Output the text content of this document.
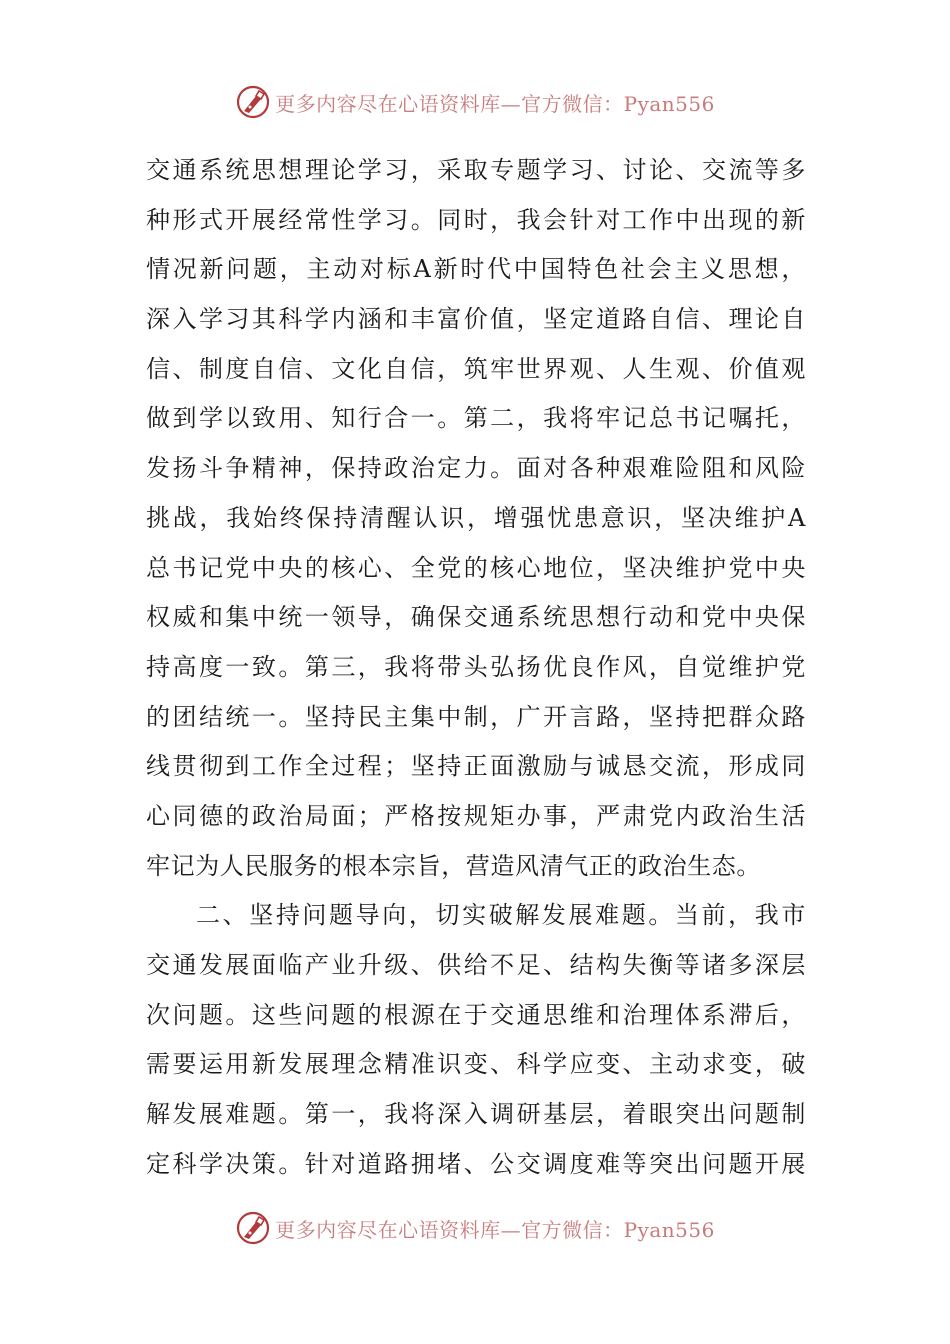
更多内容尽在心语资料库—官方微信：Pyan556
交通系统思想理论学习，采取专题学习、讨论、交流等多
种形式开展经常性学习。同时，我会针对工作中出现的新
情况新问题，主动对标A新时代中国特色社会主义思想，
深入学习其科学内涵和丰富价值，坚定道路自信、理论自
信、制度自信、文化自信，筑牢世界观、人生观、价值观
做到学以致用、知行合一。第二，我将牢记总书记嘱托，
发扬斗争精神，保持政治定力。面对各种艰难险阻和风险
挑战，我始终保持清醒认识，增强忧患意识，坚决维护A
总书记党中央的核心、全党的核心地位，坚决维护党中央
权威和集中统一领导，确保交通系统思想行动和党中央保
持高度一致。第三，我将带头弘扬优良作风，自觉维护党
的团结统一。坚持民主集中制，广开言路，坚持把群众路
线贯彻到工作全过程；坚持正面激励与诚恳交流，形成同
心同德的政治局面；严格按规矩办事，严肃党内政治生活
牢记为人民服务的根本宗旨，营造风清气正的政治生态。
二、坚持问题导向，切实破解发展难题。当前，我市
交通发展面临产业升级、供给不足、结构失衡等诸多深层
次问题。这些问题的根源在于交通思维和治理体系滞后，
需要运用新发展理念精准识变、科学应变、主动求变，破
解发展难题。第一，我将深入调研基层，着眼突出问题制
定科学决策。针对道路拥堵、公交调度难等突出问题开展
更多内容尽在心语资料库—官方微信：Pyan556
